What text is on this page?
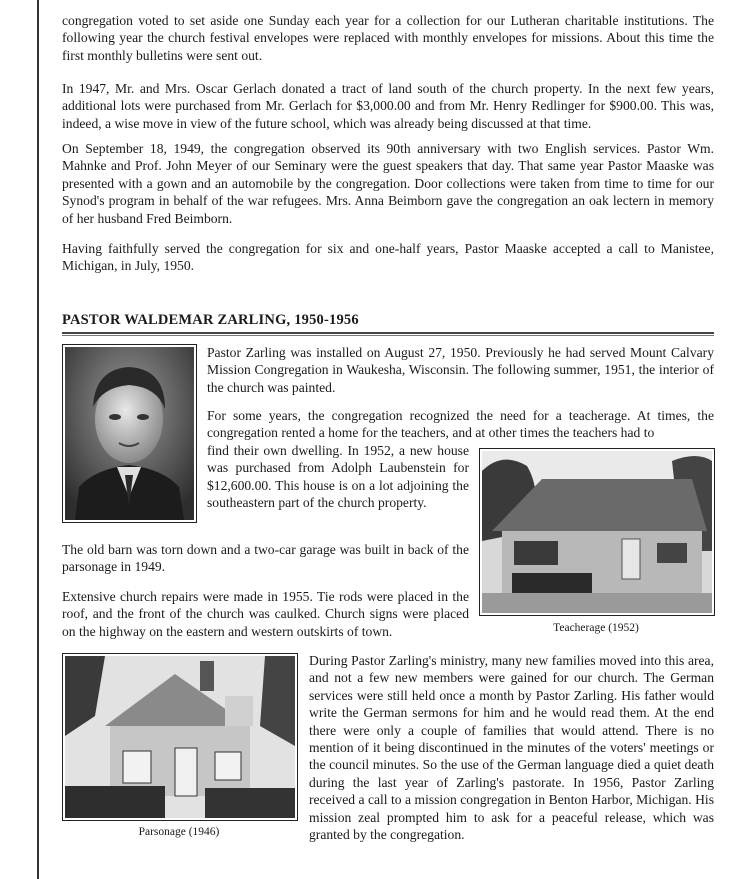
congregation voted to set aside one Sunday each year for a collection for our Lutheran charitable institutions. The following year the church festival envelopes were replaced with monthly envelopes for missions. About this time the first monthly bulletins were sent out.

In 1947, Mr. and Mrs. Oscar Gerlach donated a tract of land south of the church property. In the next few years, additional lots were purchased from Mr. Gerlach for $3,000.00 and from Mr. Henry Redlinger for $900.00. This was, indeed, a wise move in view of the future school, which was already being discussed at that time.

On September 18, 1949, the congregation observed its 90th anniversary with two English services. Pastor Wm. Mahnke and Prof. John Meyer of our Seminary were the guest speakers that day. That same year Pastor Maaske was presented with a gown and an automobile by the congregation. Door collections were taken from time to time for our Synod's program in behalf of the war refugees. Mrs. Anna Beimborn gave the congregation an oak lectern in memory of her husband Fred Beimborn.

Having faithfully served the congregation for six and one-half years, Pastor Maaske accepted a call to Manistee, Michigan, in July, 1950.

PASTOR WALDEMAR ZARLING, 1950-1956

Pastor Zarling was installed on August 27, 1950. Previously he had served Mount Calvary Mission Congregation in Waukesha, Wisconsin. The following summer, 1951, the interior of the church was painted.

For some years, the congregation recognized the need for a teacherage. At times, the congregation rented a home for the teachers, and at other times the teachers had to

find their own dwelling. In 1952, a new house was purchased from Adolph Laubenstein for $12,600.00. This house is on a lot adjoining the southeastern part of the church property.

Teacherage (1952)

The old barn was torn down and a two-car garage was built in back of the parsonage in 1949.

Extensive church repairs were made in 1955. Tie rods were placed in the roof, and the front of the church was caulked. Church signs were placed on the highway on the eastern and western outskirts of town.

Parsonage (1946)

During Pastor Zarling's ministry, many new families moved into this area, and not a few new members were gained for our church. The German services were still held once a month by Pastor Zarling. His father would write the German sermons for him and he would read them. At the end there were only a couple of families that would attend. There is no mention of it being discontinued in the minutes of the voters' meetings or the council minutes. So the use of the German language died a quiet death during the last year of Zarling's pastorate. In 1956, Pastor Zarling received a call to a mission congregation in Benton Harbor, Michigan. His mission zeal prompted him to ask for a peaceful release, which was granted by the congregation.
